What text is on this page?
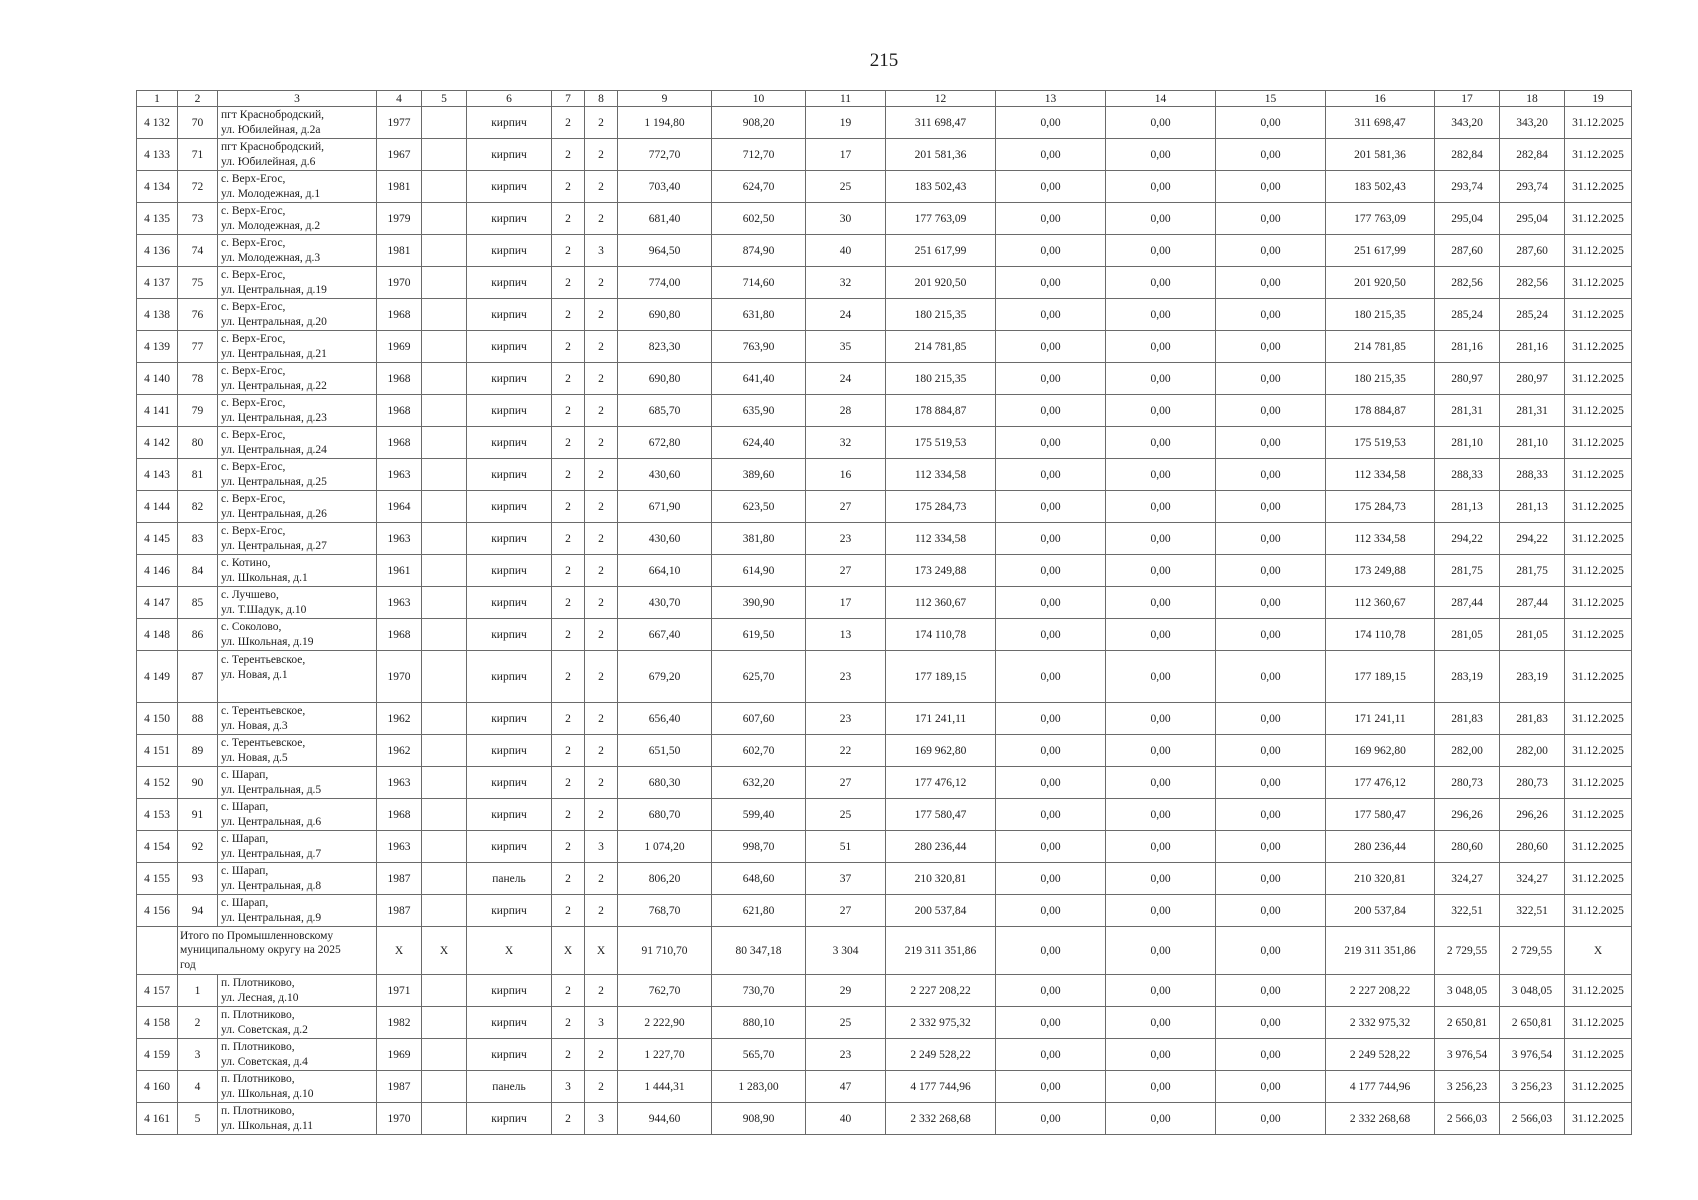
215
1	2	3	4	5	6	7	8	9	10	11	12	13	14	15	16	17	18	19
4 132	70	пгт Краснобродский,
ул. Юбилейная, д.2а	1977		кирпич	2	2	1 194,80	908,20	19	311 698,47	0,00	0,00	0,00	311 698,47	343,20	343,20	31.12.2025
4 133	71	пгт Краснобродский,
ул. Юбилейная, д.6	1967		кирпич	2	2	772,70	712,70	17	201 581,36	0,00	0,00	0,00	201 581,36	282,84	282,84	31.12.2025
4 134	72	с. Верх-Егос,
ул. Молодежная, д.1	1981		кирпич	2	2	703,40	624,70	25	183 502,43	0,00	0,00	0,00	183 502,43	293,74	293,74	31.12.2025
4 135	73	с. Верх-Егос,
ул. Молодежная, д.2	1979		кирпич	2	2	681,40	602,50	30	177 763,09	0,00	0,00	0,00	177 763,09	295,04	295,04	31.12.2025
4 136	74	с. Верх-Егос,
ул. Молодежная, д.3	1981		кирпич	2	3	964,50	874,90	40	251 617,99	0,00	0,00	0,00	251 617,99	287,60	287,60	31.12.2025
4 137	75	с. Верх-Егос,
ул. Центральная, д.19	1970		кирпич	2	2	774,00	714,60	32	201 920,50	0,00	0,00	0,00	201 920,50	282,56	282,56	31.12.2025
4 138	76	с. Верх-Егос,
ул. Центральная, д.20	1968		кирпич	2	2	690,80	631,80	24	180 215,35	0,00	0,00	0,00	180 215,35	285,24	285,24	31.12.2025
4 139	77	с. Верх-Егос,
ул. Центральная, д.21	1969		кирпич	2	2	823,30	763,90	35	214 781,85	0,00	0,00	0,00	214 781,85	281,16	281,16	31.12.2025
4 140	78	с. Верх-Егос,
ул. Центральная, д.22	1968		кирпич	2	2	690,80	641,40	24	180 215,35	0,00	0,00	0,00	180 215,35	280,97	280,97	31.12.2025
4 141	79	с. Верх-Егос,
ул. Центральная, д.23	1968		кирпич	2	2	685,70	635,90	28	178 884,87	0,00	0,00	0,00	178 884,87	281,31	281,31	31.12.2025
4 142	80	с. Верх-Егос,
ул. Центральная, д.24	1968		кирпич	2	2	672,80	624,40	32	175 519,53	0,00	0,00	0,00	175 519,53	281,10	281,10	31.12.2025
4 143	81	с. Верх-Егос,
ул. Центральная, д.25	1963		кирпич	2	2	430,60	389,60	16	112 334,58	0,00	0,00	0,00	112 334,58	288,33	288,33	31.12.2025
4 144	82	с. Верх-Егос,
ул. Центральная, д.26	1964		кирпич	2	2	671,90	623,50	27	175 284,73	0,00	0,00	0,00	175 284,73	281,13	281,13	31.12.2025
4 145	83	с. Верх-Егос,
ул. Центральная, д.27	1963		кирпич	2	2	430,60	381,80	23	112 334,58	0,00	0,00	0,00	112 334,58	294,22	294,22	31.12.2025
4 146	84	с. Котино,
ул. Школьная, д.1	1961		кирпич	2	2	664,10	614,90	27	173 249,88	0,00	0,00	0,00	173 249,88	281,75	281,75	31.12.2025
4 147	85	с. Лучшево,
ул. Т.Шадук, д.10	1963		кирпич	2	2	430,70	390,90	17	112 360,67	0,00	0,00	0,00	112 360,67	287,44	287,44	31.12.2025
4 148	86	с. Соколово,
ул. Школьная, д.19	1968		кирпич	2	2	667,40	619,50	13	174 110,78	0,00	0,00	0,00	174 110,78	281,05	281,05	31.12.2025
4 149	87	с. Терентьевское,
ул. Новая, д.1	1970		кирпич	2	2	679,20	625,70	23	177 189,15	0,00	0,00	0,00	177 189,15	283,19	283,19	31.12.2025
4 150	88	с. Терентьевское,
ул. Новая, д.3	1962		кирпич	2	2	656,40	607,60	23	171 241,11	0,00	0,00	0,00	171 241,11	281,83	281,83	31.12.2025
4 151	89	с. Терентьевское,
ул. Новая, д.5	1962		кирпич	2	2	651,50	602,70	22	169 962,80	0,00	0,00	0,00	169 962,80	282,00	282,00	31.12.2025
4 152	90	с. Шарап,
ул. Центральная, д.5	1963		кирпич	2	2	680,30	632,20	27	177 476,12	0,00	0,00	0,00	177 476,12	280,73	280,73	31.12.2025
4 153	91	с. Шарап,
ул. Центральная, д.6	1968		кирпич	2	2	680,70	599,40	25	177 580,47	0,00	0,00	0,00	177 580,47	296,26	296,26	31.12.2025
4 154	92	с. Шарап,
ул. Центральная, д.7	1963		кирпич	2	3	1 074,20	998,70	51	280 236,44	0,00	0,00	0,00	280 236,44	280,60	280,60	31.12.2025
4 155	93	с. Шарап,
ул. Центральная, д.8	1987		панель	2	2	806,20	648,60	37	210 320,81	0,00	0,00	0,00	210 320,81	324,27	324,27	31.12.2025
4 156	94	с. Шарап,
ул. Центральная, д.9	1987		кирпич	2	2	768,70	621,80	27	200 537,84	0,00	0,00	0,00	200 537,84	322,51	322,51	31.12.2025

	Итого по Промышленновскому
муниципальному округу на 2025
год		X	X	X	X	X	91 710,70	80 347,18	3 304	219 311 351,86	0,00	0,00	0,00	219 311 351,86	2 729,55	2 729,55	X
4 157	1	п. Плотниково,
ул. Лесная, д.10	1971		кирпич	2	2	762,70	730,70	29	2 227 208,22	0,00	0,00	0,00	2 227 208,22	3 048,05	3 048,05	31.12.2025
4 158	2	п. Плотниково,
ул. Советская, д.2	1982		кирпич	2	3	2 222,90	880,10	25	2 332 975,32	0,00	0,00	0,00	2 332 975,32	2 650,81	2 650,81	31.12.2025
4 159	3	п. Плотниково,
ул. Советская, д.4	1969		кирпич	2	2	1 227,70	565,70	23	2 249 528,22	0,00	0,00	0,00	2 249 528,22	3 976,54	3 976,54	31.12.2025
4 160	4	п. Плотниково,
ул. Школьная, д.10	1987		панель	3	2	1 444,31	1 283,00	47	4 177 744,96	0,00	0,00	0,00	4 177 744,96	3 256,23	3 256,23	31.12.2025
4 161	5	п. Плотниково,
ул. Школьная, д.11	1970		кирпич	2	3	944,60	908,90	40	2 332 268,68	0,00	0,00	0,00	2 332 268,68	2 566,03	2 566,03	31.12.2025
